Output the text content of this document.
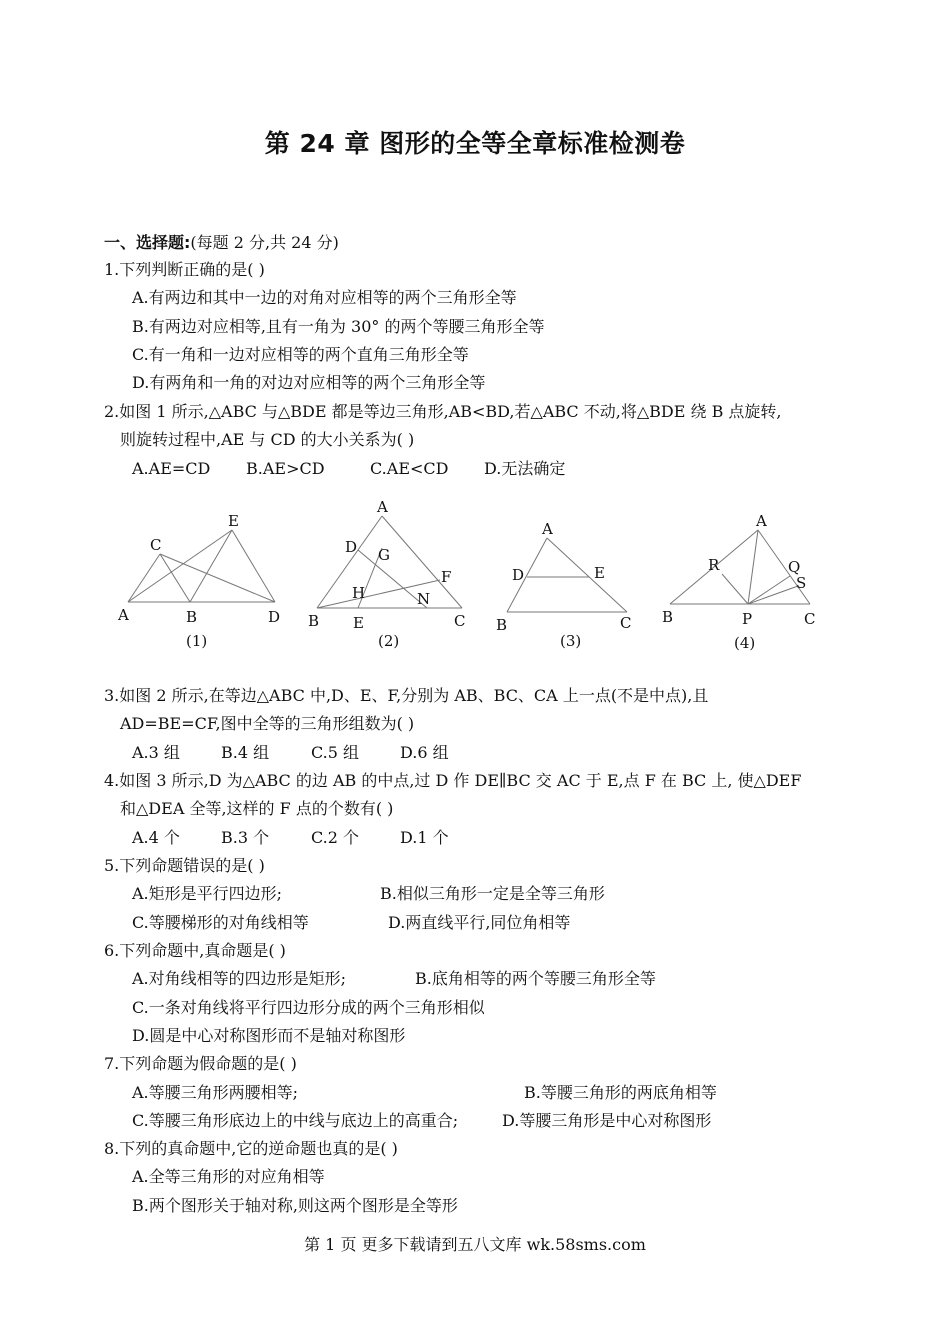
第 24 章 图形的全等全章标准检测卷
一、选择题:(每题 2 分,共 24 分)
1.下列判断正确的是( )
A.有两边和其中一边的对角对应相等的两个三角形全等
B.有两边对应相等,且有一角为 30° 的两个等腰三角形全等
C.有一角和一边对应相等的两个直角三角形全等
D.有两角和一角的对边对应相等的两个三角形全等
2.如图 1 所示,△ABC 与△BDE 都是等边三角形,AB<BD,若△ABC 不动,将△BDE 绕 B 点旋转,
则旋转过程中,AE 与 CD 的大小关系为( )
A.AE=CD B.AE>CD	C.AE<CD D.无法确定
A	B
C
D
E
(1)
A
B	C
D
E
F
G
H	N
(2)
A
B	C
D	E
(3)
A
B	C
P
Q
R
S
(4)
3.如图 2 所示,在等边△ABC 中,D、E、F,分别为 AB、BC、CA 上一点(不是中点),且
AD=BE=CF,图中全等的三角形组数为( )
A.3 组	B.4 组	C.5 组	D.6 组
4.如图 3 所示,D 为△ABC 的边 AB 的中点,过 D 作 DE∥BC 交 AC 于 E,点 F 在 BC 上, 使△DEF
和△DEA 全等,这样的 F 点的个数有( )
A.4 个	B.3 个	C.2 个	D.1 个
5.下列命题错误的是( )
A.矩形是平行四边形;	B.相似三角形一定是全等三角形
C.等腰梯形的对角线相等	D.两直线平行,同位角相等
6.下列命题中,真命题是( )
A.对角线相等的四边形是矩形;	B.底角相等的两个等腰三角形全等
C.一条对角线将平行四边形分成的两个三角形相似
D.圆是中心对称图形而不是轴对称图形
7.下列命题为假命题的是( )
A.等腰三角形两腰相等;	B.等腰三角形的两底角相等
C.等腰三角形底边上的中线与底边上的高重合;	D.等腰三角形是中心对称图形
8.下列的真命题中,它的逆命题也真的是( )
A.全等三角形的对应角相等
B.两个图形关于轴对称,则这两个图形是全等形
第 1 页 更多下载请到五八文库 wk.58sms.com
